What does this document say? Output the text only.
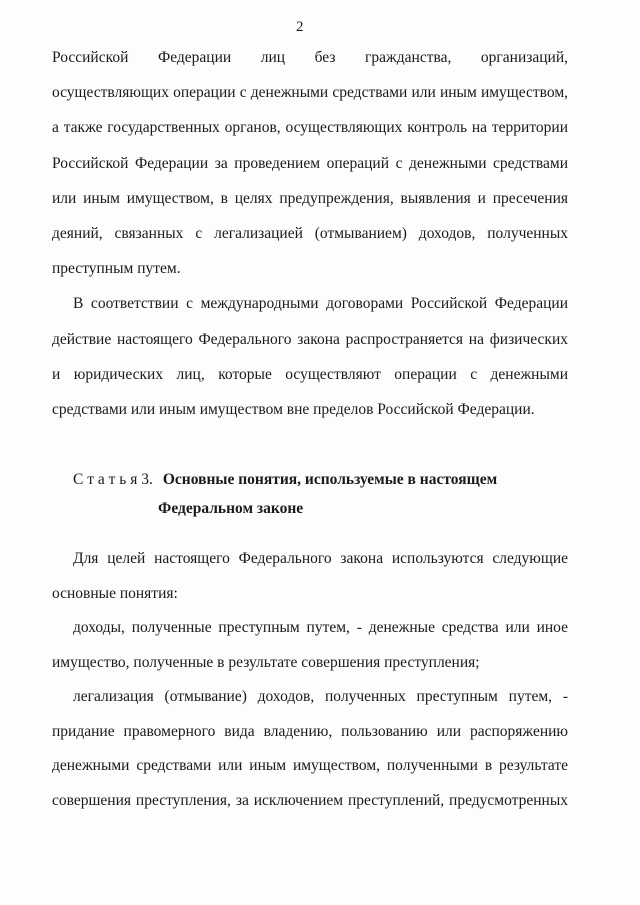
2
Российской Федерации лиц без гражданства, организаций,
осуществляющих операции с денежными средствами или иным имуществом,
а также государственных органов, осуществляющих контроль на территории
Российской Федерации за проведением операций с денежными средствами
или иным имуществом, в целях предупреждения, выявления и пресечения
деяний, связанных с легализацией (отмыванием) доходов, полученных
преступным путем.
В соответствии с международными договорами Российской Федерации
действие настоящего Федерального закона распространяется на физических
и юридических лиц, которые осуществляют операции с денежными
средствами или иным имуществом вне пределов Российской Федерации.
С т а т ь я 3. Основные понятия, используемые в настоящем
Федеральном законе
Для целей настоящего Федерального закона используются следующие
основные понятия:
доходы, полученные преступным путем, - денежные средства или иное
имущество, полученные в результате совершения преступления;
легализация (отмывание) доходов, полученных преступным путем, -
придание правомерного вида владению, пользованию или распоряжению
денежными средствами или иным имуществом, полученными в результате
совершения преступления, за исключением преступлений, предусмотренных
